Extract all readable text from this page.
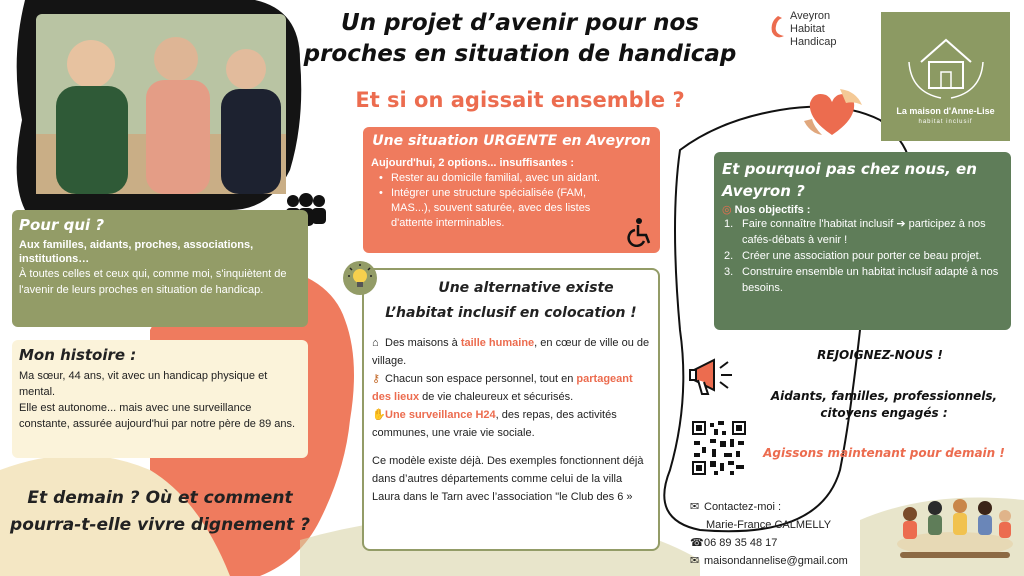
Un projet d’avenir pour nos
proches en situation de handicap
Et si on agissait ensemble ?
Aveyron
Habitat
Handicap
La maison d'Anne-Lise
habitat inclusif
Pour qui ?
Aux familles, aidants, proches, associations, institutions…
À toutes celles et ceux qui, comme moi, s'inquiètent de l'avenir de leurs proches en situation de handicap.
Mon histoire :

Ma sœur, 44 ans, vit avec un handicap physique et mental.

Elle est autonome... mais avec une surveillance constante, assurée aujourd'hui par notre père de 89 ans.

Et demain ? Où et comment
pourra-t-elle vivre dignement ?
Une situation URGENTE en Aveyron
Aujourd'hui, 2 options... insuffisantes :
• Rester au domicile familial, avec un aidant.
• Intégrer une structure spécialisée (FAM, MAS...), souvent saturée, avec des listes d'attente interminables.
Une alternative existe
L’habitat inclusif en colocation !
⌂ Des maisons à taille humaine, en cœur de ville ou de village.
⚷ Chacun son espace personnel, tout en partageant des lieux de vie chaleureux et sécurisés.
✋Une surveillance H24, des repas, des activités communes, une vraie vie sociale.
Ce modèle existe déjà. Des exemples fonctionnent déjà dans d’autres départements comme celui de la villa Laura dans le Tarn avec l’association "le Club des 6 »
Et pourquoi pas chez nous, en Aveyron ?
◎ Nos objectifs :
1. Faire connaître l'habitat inclusif ➔ participez à nos cafés-débats à venir !
2. Créer une association pour porter ce beau projet.
3. Construire ensemble un habitat inclusif adapté à nos besoins.
REJOIGNEZ-NOUS !
Aidants, familles, professionnels,
citoyens engagés :
Agissons maintenant pour demain !
✉ Contactez-moi :
Marie-France CALMELLY
☎06 89 35 48 17
✉ maisondannelise@gmail.com
